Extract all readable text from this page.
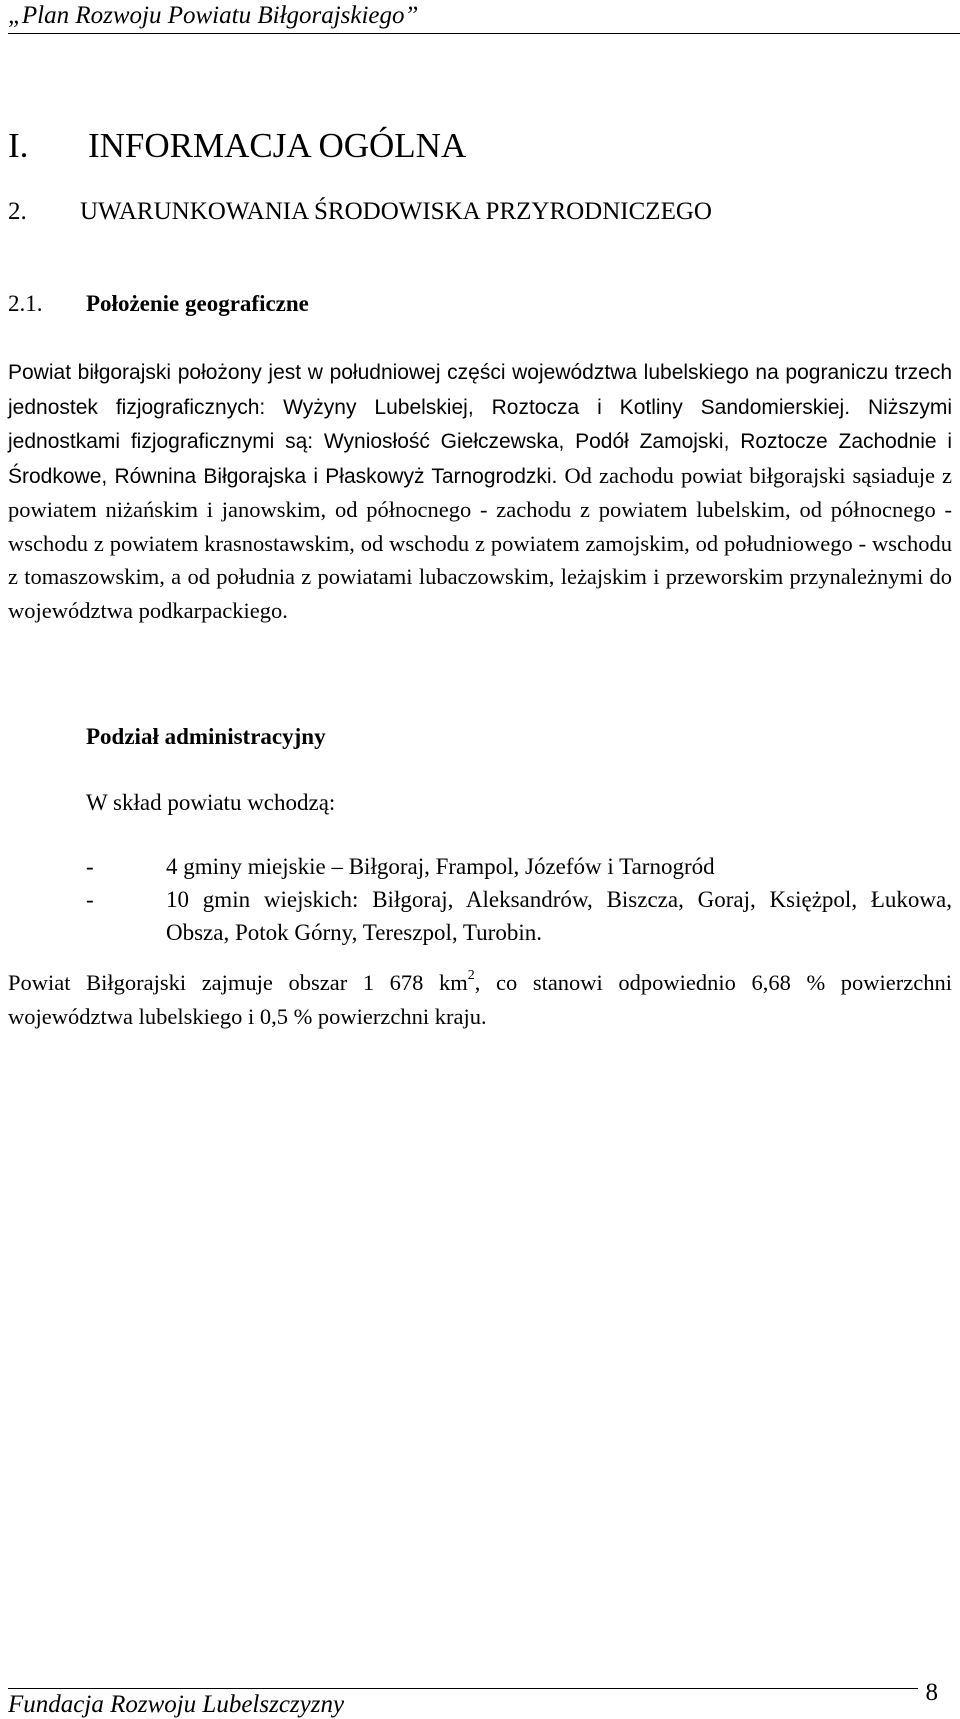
„Plan Rozwoju Powiatu Biłgorajskiego”
I. INFORMACJA OGÓLNA
2. UWARUNKOWANIA ŚRODOWISKA PRZYRODNICZEGO
2.1. Położenie geograficzne

Powiat biłgorajski położony jest w południowej części województwa lubelskiego na pograniczu trzech jednostek fizjograficznych: Wyżyny Lubelskiej, Roztocza i Kotliny Sandomierskiej. Niższymi jednostkami fizjograficznymi są: Wyniosłość Giełczewska, Podół Zamojski, Roztocze Zachodnie i Środkowe, Równina Biłgorajska i Płaskowyż Tarnogrodzki. Od zachodu powiat biłgorajski sąsiaduje z powiatem niżańskim i janowskim, od północnego - zachodu z powiatem lubelskim, od północnego - wschodu z powiatem krasnostawskim, od wschodu z powiatem zamojskim, od południowego - wschodu z tomaszowskim, a od południa z powiatami lubaczowskim, leżajskim i przeworskim przynależnymi do województwa podkarpackiego.

Podział administracyjny
W skład powiatu wchodzą:
-	4 gminy miejskie – Biłgoraj, Frampol, Józefów i Tarnogród
-	10 gmin wiejskich: Biłgoraj, Aleksandrów, Biszcza, Goraj, Księżpol, Łukowa, Obsza, Potok Górny, Tereszpol, Turobin.

Powiat Biłgorajski zajmuje obszar 1 678 $km^2$, co stanowi odpowiednio 6,68 % powierzchni województwa lubelskiego i 0,5 % powierzchni kraju.

Fundacja Rozwoju Lubelszczyzny	8
